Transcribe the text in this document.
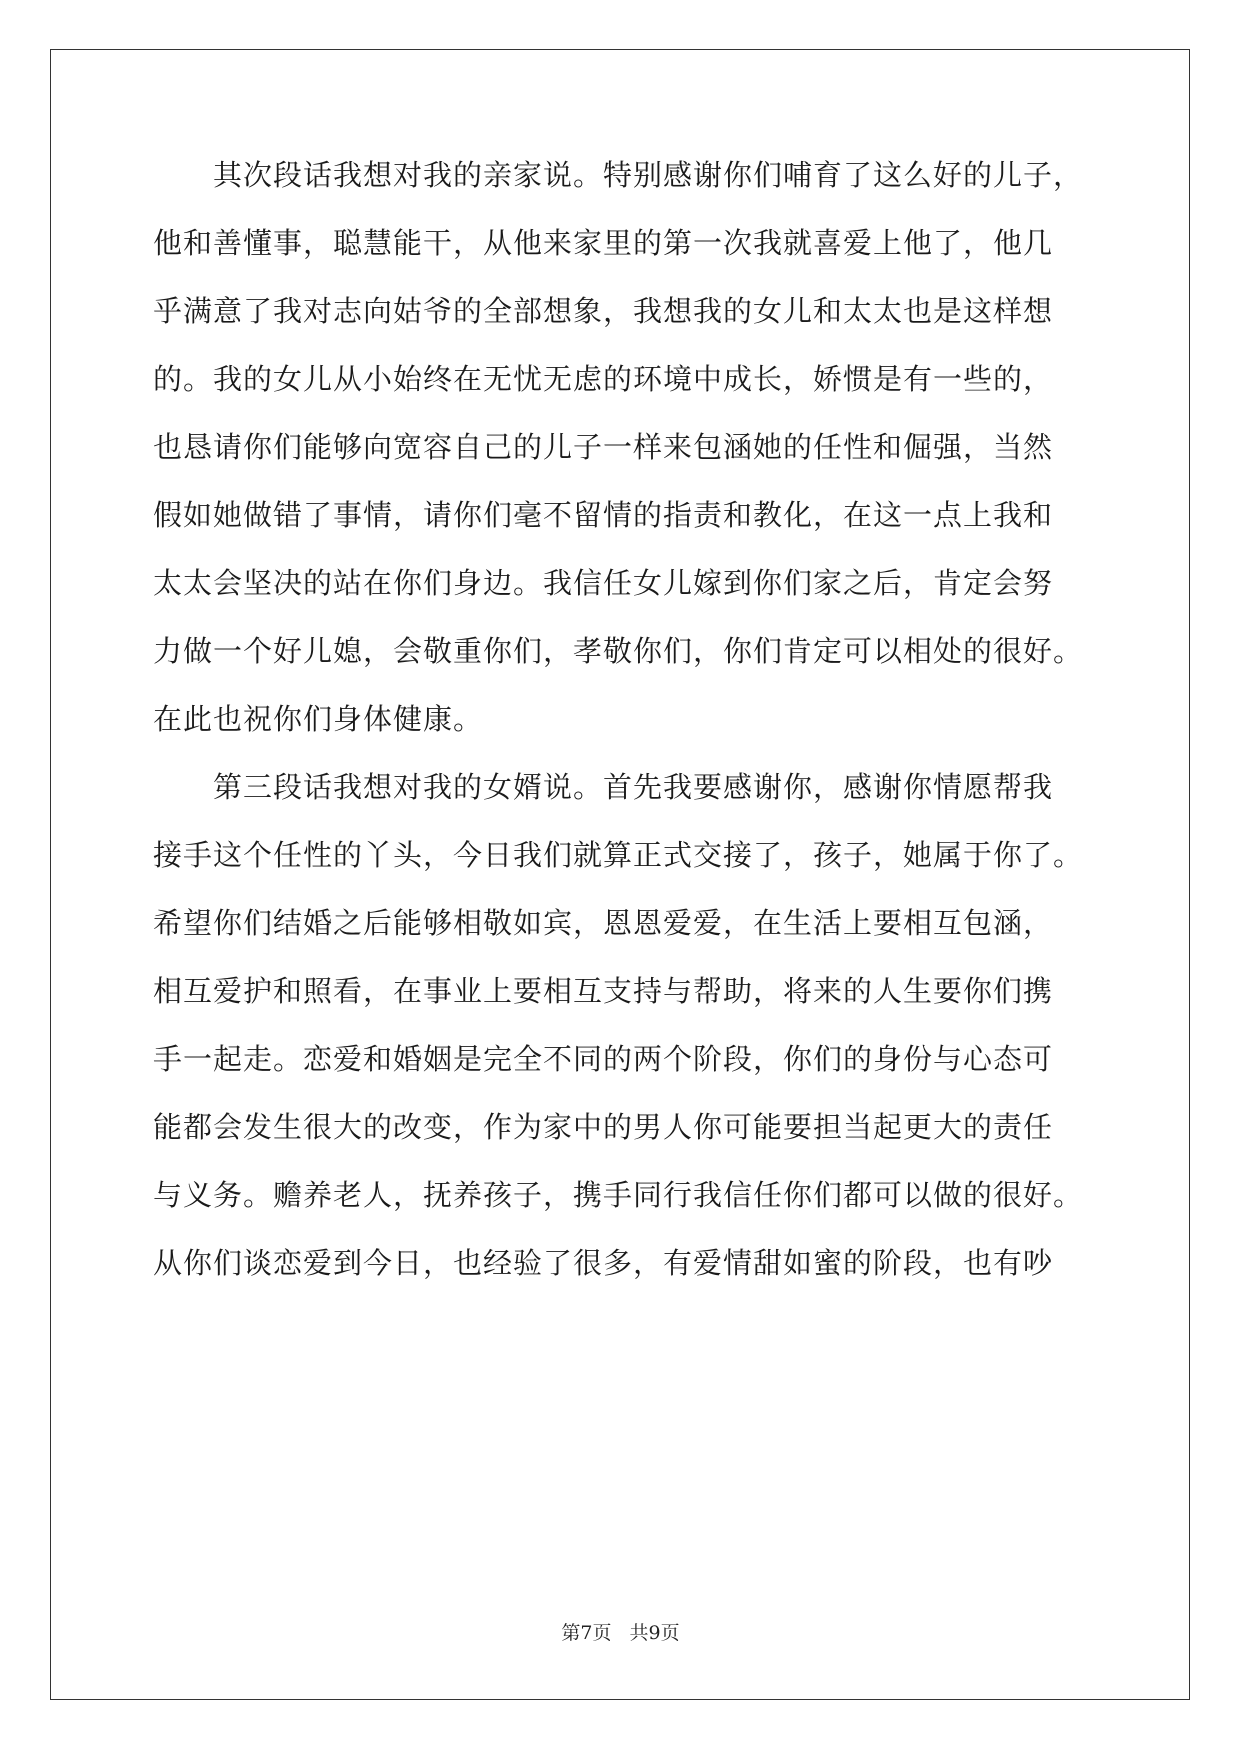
　　其次段话我想对我的亲家说。特别感谢你们哺育了这么好的儿子，
他和善懂事，聪慧能干，从他来家里的第一次我就喜爱上他了，他几
乎满意了我对志向姑爷的全部想象，我想我的女儿和太太也是这样想
的。我的女儿从小始终在无忧无虑的环境中成长，娇惯是有一些的，
也恳请你们能够向宽容自己的儿子一样来包涵她的任性和倔强，当然
假如她做错了事情，请你们毫不留情的指责和教化，在这一点上我和
太太会坚决的站在你们身边。我信任女儿嫁到你们家之后，肯定会努
力做一个好儿媳，会敬重你们，孝敬你们，你们肯定可以相处的很好。
在此也祝你们身体健康。
　　第三段话我想对我的女婿说。首先我要感谢你，感谢你情愿帮我
接手这个任性的丫头，今日我们就算正式交接了，孩子，她属于你了。
希望你们结婚之后能够相敬如宾，恩恩爱爱，在生活上要相互包涵，
相互爱护和照看，在事业上要相互支持与帮助，将来的人生要你们携
手一起走。恋爱和婚姻是完全不同的两个阶段，你们的身份与心态可
能都会发生很大的改变，作为家中的男人你可能要担当起更大的责任
与义务。赡养老人，抚养孩子，携手同行我信任你们都可以做的很好。
从你们谈恋爱到今日，也经验了很多，有爱情甜如蜜的阶段，也有吵
第7页 共9页
